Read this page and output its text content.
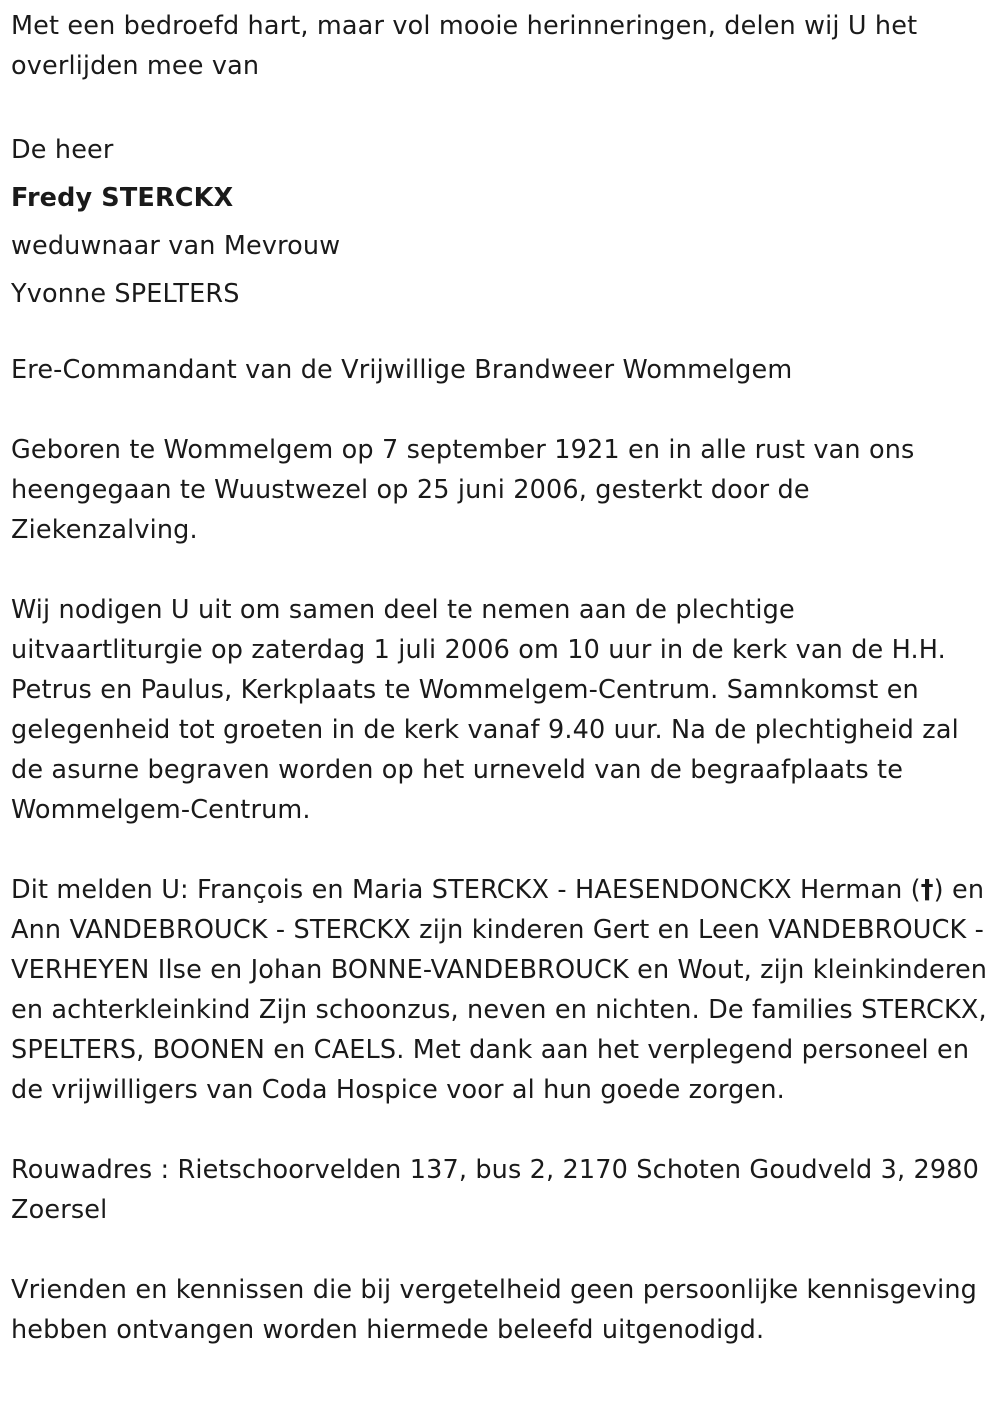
Met een bedroefd hart, maar vol mooie herinneringen, delen wij U het overlijden mee van

De heer

Fredy STERCKX

weduwnaar van Mevrouw

Yvonne SPELTERS

Ere-Commandant van de Vrijwillige Brandweer Wommelgem

Geboren te Wommelgem op 7 september 1921 en in alle rust van ons heengegaan te Wuustwezel op 25 juni 2006, gesterkt door de Ziekenzalving.

Wij nodigen U uit om samen deel te nemen aan de plechtige uitvaartliturgie op zaterdag 1 juli 2006 om 10 uur in de kerk van de H.H. Petrus en Paulus, Kerkplaats te Wommelgem-Centrum. Samnkomst en gelegenheid tot groeten in de kerk vanaf 9.40 uur. Na de plechtigheid zal de asurne begraven worden op het urneveld van de begraafplaats te Wommelgem-Centrum.

Dit melden U: François en Maria STERCKX - HAESENDONCKX Herman (†) en Ann VANDEBROUCK - STERCKX zijn kinderen Gert en Leen VANDEBROUCK - VERHEYEN Ilse en Johan BONNE-VANDEBROUCK en Wout, zijn kleinkinderen en achterkleinkind Zijn schoonzus, neven en nichten. De families STERCKX, SPELTERS, BOONEN en CAELS. Met dank aan het verplegend personeel en de vrijwilligers van Coda Hospice voor al hun goede zorgen.

Rouwadres : Rietschoorvelden 137, bus 2, 2170 Schoten Goudveld 3, 2980 Zoersel

Vrienden en kennissen die bij vergetelheid geen persoonlijke kennisgeving hebben ontvangen worden hiermede beleefd uitgenodigd.
